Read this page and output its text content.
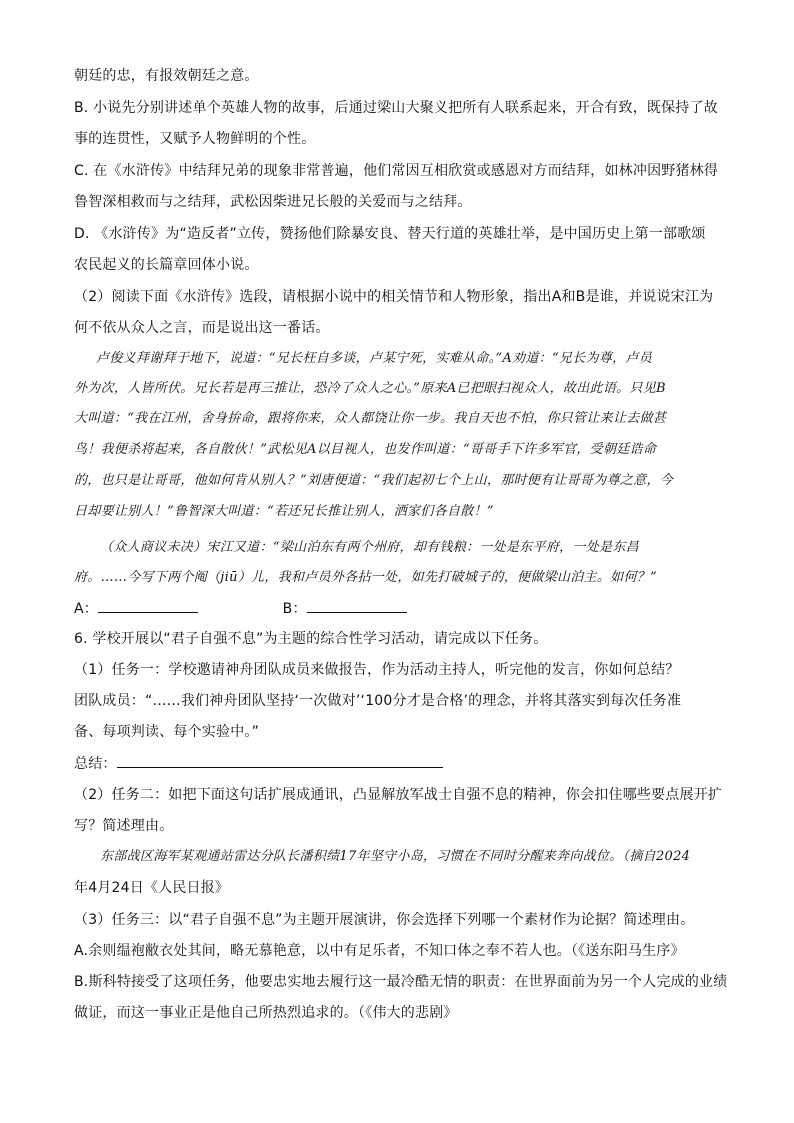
朝廷的忠，有报效朝廷之意。
B. 小说先分别讲述单个英雄人物的故事，后通过梁山大聚义把所有人联系起来，开合有致，既保持了故
事的连贯性，又赋予人物鲜明的个性。
C. 在《水浒传》中结拜兄弟的现象非常普遍，他们常因互相欣赏或感恩对方而结拜，如林冲因野猪林得
鲁智深相救而与之结拜，武松因柴进兄长般的关爱而与之结拜。
D. 《水浒传》为“造反者”立传，赞扬他们除暴安良、替天行道的英雄壮举，是中国历史上第一部歌颂
农民起义的长篇章回体小说。
（2）阅读下面《水浒传》选段，请根据小说中的相关情节和人物形象，指出A和B是谁，并说说宋江为
何不依从众人之言，而是说出这一番话。
卢俊义拜谢拜于地下，说道：“兄长枉自多谈，卢某宁死，实难从命。”A劝道：“兄长为尊，卢员
外为次，人皆所伏。兄长若是再三推让，恐冷了众人之心。”原来A已把眼扫视众人，故出此语。只见B
大叫道：“我在江州，舍身拚命，跟将你来，众人都饶让你一步。我自天也不怕，你只管让来让去做甚
鸟！我便杀将起来，各自散伙！”武松见A以目视人，也发作叫道：“哥哥手下许多军官，受朝廷诰命
的，也只是让哥哥，他如何肯从别人？”刘唐便道：“我们起初七个上山，那时便有让哥哥为尊之意，今
日却要让别人！”鲁智深大叫道：“若还兄长推让别人，洒家们各自散！”
（众人商议未决）宋江又道：“梁山泊东有两个州府，却有钱粮：一处是东平府，一处是东昌
府。……今写下两个阄（jiū）儿，我和卢员外各拈一处，如先打破城子的，便做梁山泊主。如何？”
A：	B：
6. 学校开展以“君子自强不息”为主题的综合性学习活动，请完成以下任务。
（1）任务一：学校邀请神舟团队成员来做报告，作为活动主持人，听完他的发言，你如何总结？
团队成员：“……我们神舟团队坚持‘一次做对’‘100分才是合格’的理念，并将其落实到每次任务准
备、每项判读、每个实验中。”
总结：
（2）任务二：如把下面这句话扩展成通讯，凸显解放军战士自强不息的精神，你会扣住哪些要点展开扩
写？简述理由。
东部战区海军某观通站雷达分队长潘积绩17年坚守小岛，习惯在不同时分醒来奔向战位。（摘自2024
年4月24日《人民日报》
（3）任务三：以“君子自强不息”为主题开展演讲，你会选择下列哪一个素材作为论据？简述理由。
A.余则缊袍敝衣处其间，略无慕艳意，以中有足乐者，不知口体之奉不若人也。（《送东阳马生序》
B.斯科特接受了这项任务，他要忠实地去履行这一最冷酷无情的职责：在世界面前为另一个人完成的业绩
做证，而这一事业正是他自己所热烈追求的。（《伟大的悲剧》
